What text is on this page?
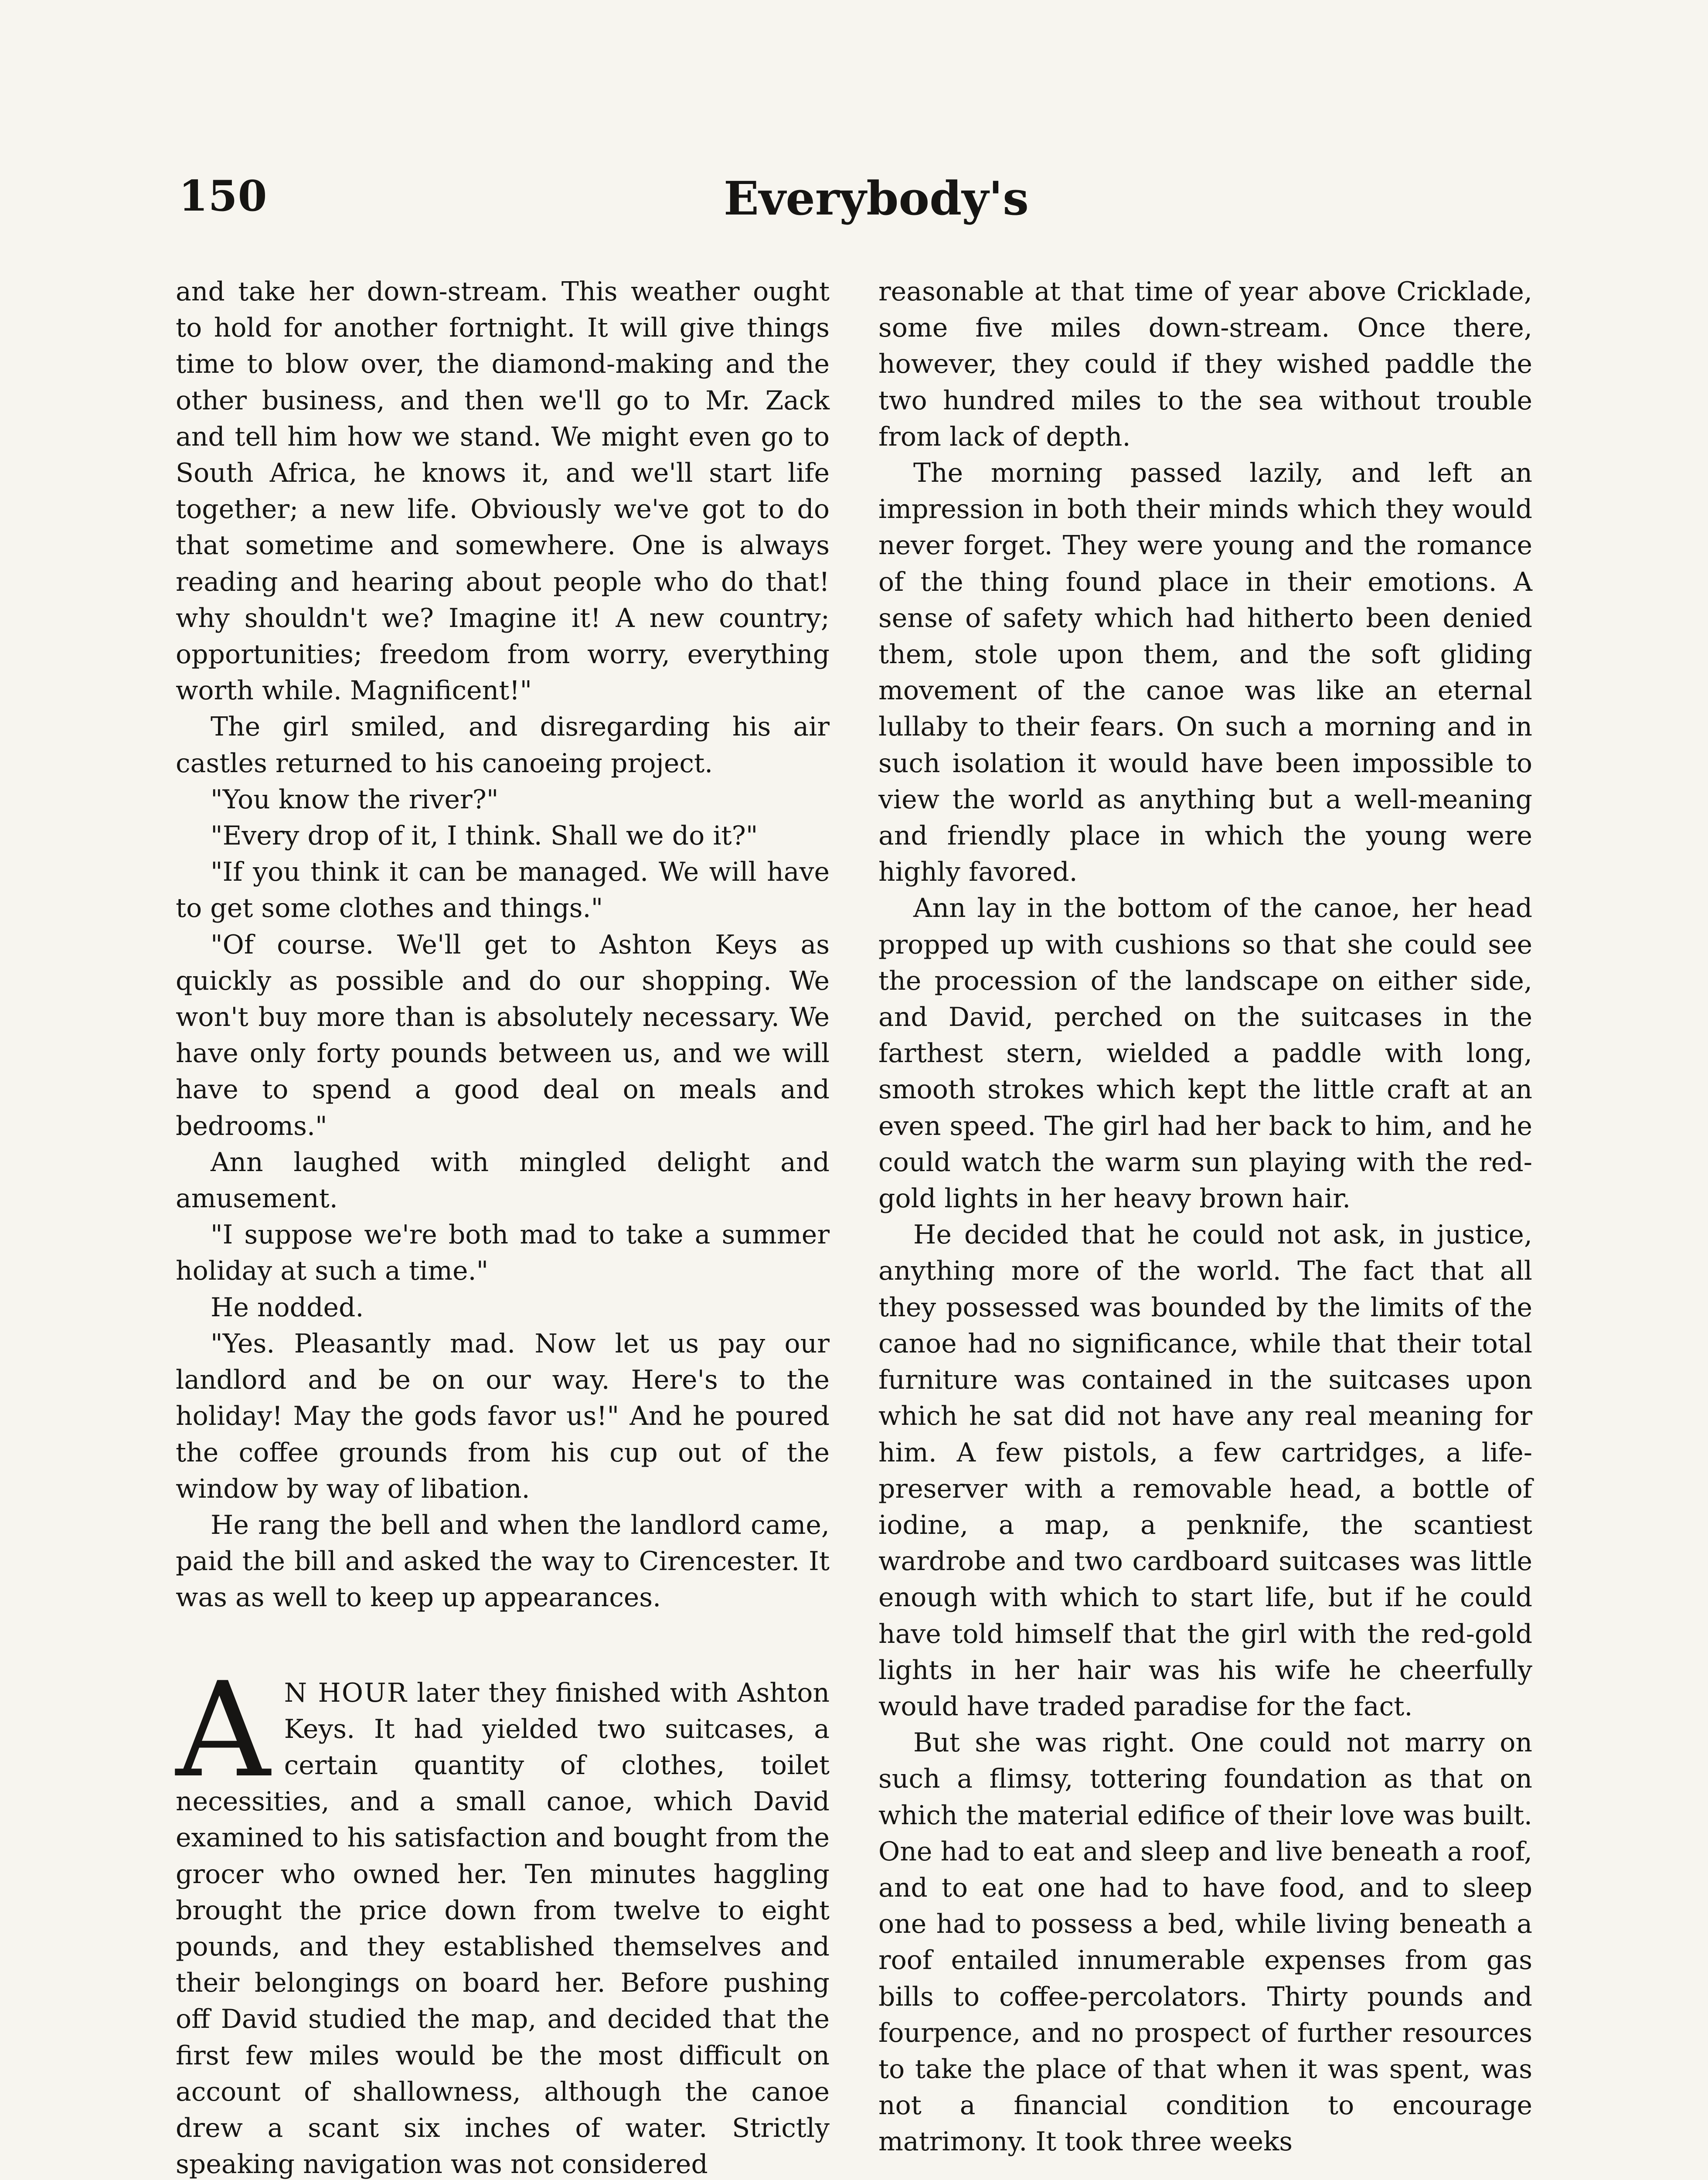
150	Everybody's

and take her down-stream. This weather ought to hold for another fortnight. It will give things time to blow over, the diamond-making and the other business, and then we'll go to Mr. Zack and tell him how we stand. We might even go to South Africa, he knows it, and we'll start life together; a new life. Obviously we've got to do that sometime and somewhere. One is always reading and hearing about people who do that! why shouldn't we? Imagine it! A new country; opportunities; freedom from worry, everything worth while. Magnificent!"

The girl smiled, and disregarding his air castles returned to his canoeing project.

"You know the river?"

"Every drop of it, I think. Shall we do it?"

"If you think it can be managed. We will have to get some clothes and things."

"Of course. We'll get to Ashton Keys as quickly as possible and do our shopping. We won't buy more than is absolutely necessary. We have only forty pounds between us, and we will have to spend a good deal on meals and bedrooms."

Ann laughed with mingled delight and amusement.

"I suppose we're both mad to take a summer holiday at such a time."

He nodded.

"Yes. Pleasantly mad. Now let us pay our landlord and be on our way. Here's to the holiday! May the gods favor us!" And he poured the coffee grounds from his cup out of the window by way of libation.

He rang the bell and when the landlord came, paid the bill and asked the way to Cirencester. It was as well to keep up appearances.

A N HOUR later they finished with Ashton Keys. It had yielded two suitcases, a certain quantity of clothes, toilet necessities, and a small canoe, which David examined to his satisfaction and bought from the grocer who owned her. Ten minutes haggling brought the price down from twelve to eight pounds, and they established themselves and their belongings on board her. Before pushing off David studied the map, and decided that the first few miles would be the most difficult on account of shallowness, although the canoe drew a scant six inches of water. Strictly speaking navigation was not considered

reasonable at that time of year above Cricklade, some five miles down-stream. Once there, however, they could if they wished paddle the two hundred miles to the sea without trouble from lack of depth.

The morning passed lazily, and left an impression in both their minds which they would never forget. They were young and the romance of the thing found place in their emotions. A sense of safety which had hitherto been denied them, stole upon them, and the soft gliding movement of the canoe was like an eternal lullaby to their fears. On such a morning and in such isolation it would have been impossible to view the world as anything but a well-meaning and friendly place in which the young were highly favored.

Ann lay in the bottom of the canoe, her head propped up with cushions so that she could see the procession of the landscape on either side, and David, perched on the suitcases in the farthest stern, wielded a paddle with long, smooth strokes which kept the little craft at an even speed. The girl had her back to him, and he could watch the warm sun playing with the red-gold lights in her heavy brown hair.

He decided that he could not ask, in justice, anything more of the world. The fact that all they possessed was bounded by the limits of the canoe had no significance, while that their total furniture was contained in the suitcases upon which he sat did not have any real meaning for him. A few pistols, a few cartridges, a life-preserver with a removable head, a bottle of iodine, a map, a penknife, the scantiest wardrobe and two cardboard suitcases was little enough with which to start life, but if he could have told himself that the girl with the red-gold lights in her hair was his wife he cheerfully would have traded paradise for the fact.

But she was right. One could not marry on such a flimsy, tottering foundation as that on which the material edifice of their love was built. One had to eat and sleep and live beneath a roof, and to eat one had to have food, and to sleep one had to possess a bed, while living beneath a roof entailed innumerable expenses from gas bills to coffee-percolators. Thirty pounds and fourpence, and no prospect of further resources to take the place of that when it was spent, was not a financial condition to encourage matrimony. It took three weeks
